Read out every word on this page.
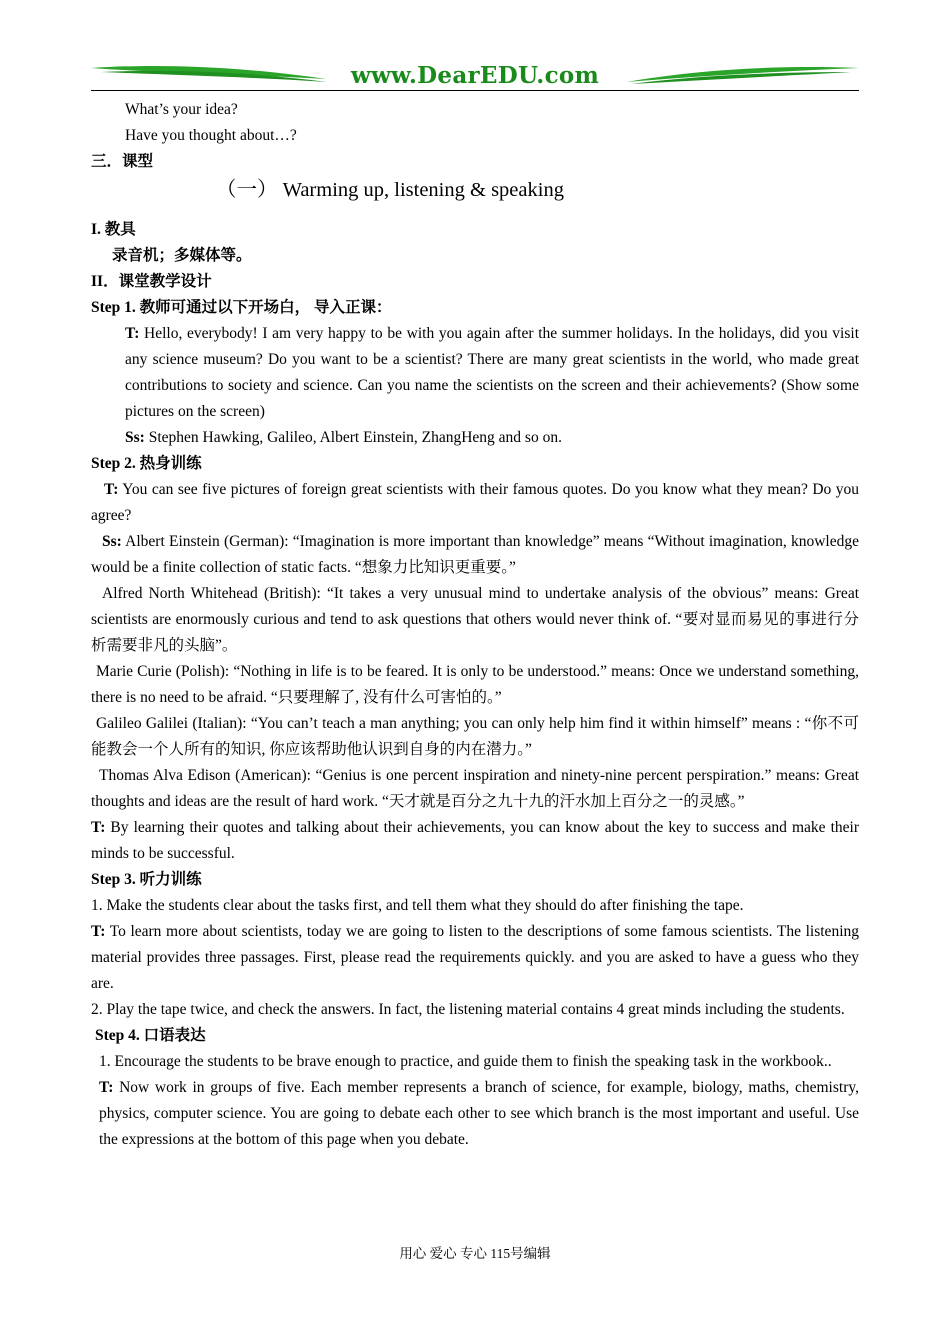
www.DearEDU.com

What’s your idea?

Have you thought about…?

三．课型

（一） Warming up, listening & speaking

I. 教具

录音机；多媒体等。

II．课堂教学设计

Step 1. 教师可通过以下开场白， 导入正课：

T: Hello, everybody! I am very happy to be with you again after the summer holidays. In the holidays, did you visit any science museum? Do you want to be a scientist? There are many great scientists in the world, who made great contributions to society and science. Can you name the scientists on the screen and their achievements? (Show some pictures on the screen)

Ss: Stephen Hawking, Galileo, Albert Einstein, ZhangHeng and so on.

Step 2. 热身训练

T: You can see five pictures of foreign great scientists with their famous quotes. Do you know what they mean? Do you agree?

Ss: Albert Einstein (German): “Imagination is more important than knowledge” means “Without imagination, knowledge would be a finite collection of static facts. “想象力比知识更重要。”

Alfred North Whitehead (British): “It takes a very unusual mind to undertake analysis of the obvious” means: Great scientists are enormously curious and tend to ask questions that others would never think of. “要对显而易见的事进行分析需要非凡的头脑”。

Marie Curie (Polish): “Nothing in life is to be feared. It is only to be understood.” means: Once we understand something, there is no need to be afraid. “只要理解了, 没有什么可害怕的。”

Galileo Galilei (Italian): “You can’t teach a man anything; you can only help him find it within himself” means : “你不可能教会一个人所有的知识, 你应该帮助他认识到自身的内在潜力。”

Thomas Alva Edison (American): “Genius is one percent inspiration and ninety-nine percent perspiration.” means: Great thoughts and ideas are the result of hard work. “天才就是百分之九十九的汗水加上百分之一的灵感。”

T: By learning their quotes and talking about their achievements, you can know about the key to success and make their minds to be successful.

Step 3. 听力训练

1. Make the students clear about the tasks first, and tell them what they should do after finishing the tape.

T: To learn more about scientists, today we are going to listen to the descriptions of some famous scientists. The listening material provides three passages. First, please read the requirements quickly. and you are asked to have a guess who they are.

2. Play the tape twice, and check the answers. In fact, the listening material contains 4 great minds including the students.

Step 4. 口语表达

1. Encourage the students to be brave enough to practice, and guide them to finish the speaking task in the workbook..

T: Now work in groups of five. Each member represents a branch of science, for example, biology, maths, chemistry, physics, computer science. You are going to debate each other to see which branch is the most important and useful. Use the expressions at the bottom of this page when you debate.

用心 爱心 专心 115号编辑
